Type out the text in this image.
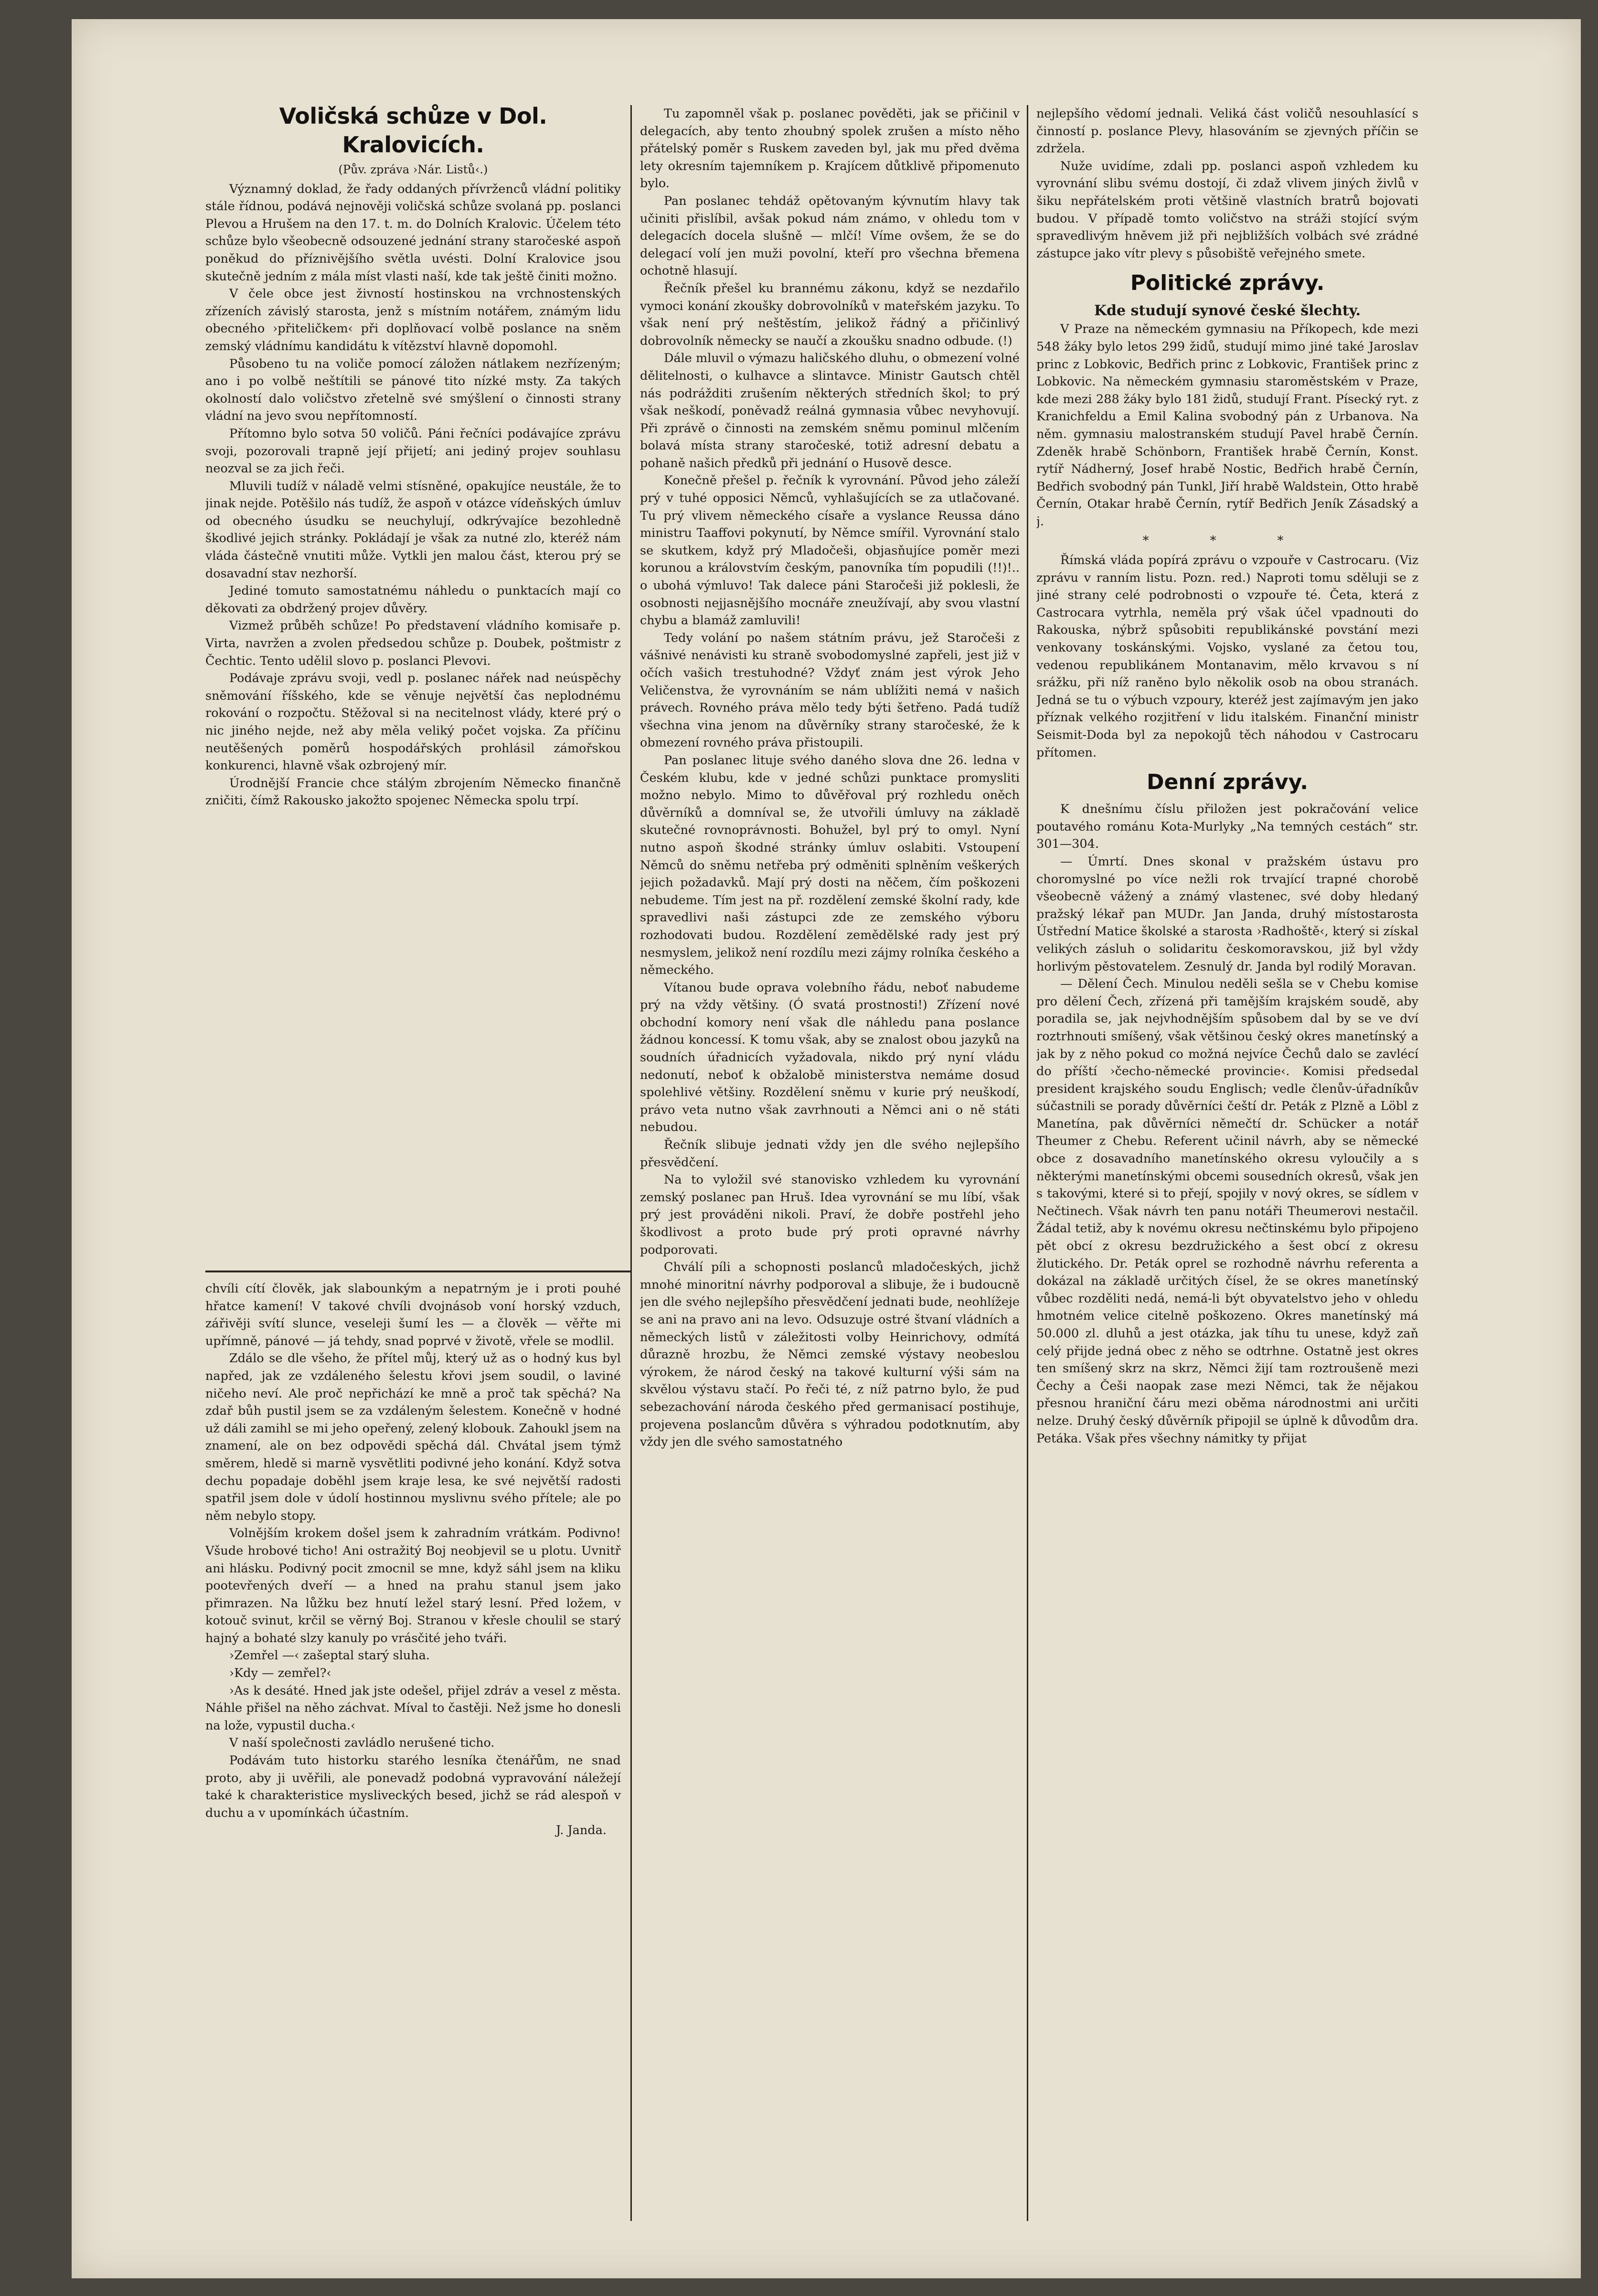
Voličská schůze v Dol. Kralovicích.
(Pův. zpráva ›Nár. Listů‹.)

Významný doklad, že řady oddaných přívrženců vládní politiky stále řídnou, podává nejnověji voličská schůze svolaná pp. poslanci Plevou a Hrušem na den 17. t. m. do Dolních Kralovic. Účelem této schůze bylo všeobecně odsouzené jednání strany staročeské aspoň poněkud do příznivějšího světla uvésti. Dolní Kralovice jsou skutečně jedním z mála míst vlasti naší, kde tak ještě činiti možno.

V čele obce jest živností hostinskou na vrchnostenských zřízeních závislý starosta, jenž s místním notářem, známým lidu obecného ›přiteličkem‹ při doplňovací volbě poslance na sněm zemský vládnímu kandidátu k vítězství hlavně dopomohl.

Působeno tu na voliče pomocí záložen nátlakem nezřízeným; ano i po volbě neštítili se pánové tito nízké msty. Za takých okolností dalo voličstvo zřetelně své smýšlení o činnosti strany vládní na jevo svou nepřítomností.

Přítomno bylo sotva 50 voličů. Páni řečníci podávajíce zprávu svoji, pozorovali trapně její přijetí; ani jediný projev souhlasu neozval se za jich řeči.

Mluvili tudíž v náladě velmi stísněné, opakujíce neustále, že to jinak nejde. Potěšilo nás tudíž, že aspoň v otázce vídeňských úmluv od obecného úsudku se neuchylují, odkrývajíce bezohledně škodlivé jejich stránky. Pokládají je však za nutné zlo, kteréž nám vláda částečně vnutiti může. Vytkli jen malou část, kterou prý se dosavadní stav nezhorší.

Jediné tomuto samostatnému náhledu o punktacích mají co děkovati za obdržený projev důvěry.

Vizmež průběh schůze! Po představení vládního komisaře p. Virta, navržen a zvolen předsedou schůze p. Doubek, poštmistr z Čechtic. Tento udělil slovo p. poslanci Plevovi.

Podávaje zprávu svoji, vedl p. poslanec nářek nad neúspěchy sněmování říšského, kde se věnuje největší čas neplodnému rokování o rozpočtu. Stěžoval si na necitelnost vlády, které prý o nic jiného nejde, než aby měla veliký počet vojska. Za příčinu neutěšených poměrů hospodářských prohlásil zámořskou konkurenci, hlavně však ozbrojený mír.

Úrodnější Francie chce stálým zbrojením Německo finančně zničiti, čímž Rakousko jakožto spojenec Německa spolu trpí.

chvíli cítí člověk, jak slabounkým a nepatrným je i proti pouhé hřatce kamení! V takové chvíli dvojnásob voní horský vzduch, zářivěji svítí slunce, veseleji šumí les — a člověk — věřte mi upřímně, pánové — já tehdy, snad poprvé v životě, vřele se modlil.

Zdálo se dle všeho, že přítel můj, který už as o hodný kus byl napřed, jak ze vzdáleného šelestu křovi jsem soudil, o laviné ničeho neví. Ale proč nepřichází ke mně a proč tak spěchá? Na zdař bůh pustil jsem se za vzdáleným šelestem. Konečně v hodné už dáli zamihl se mi jeho opeřený, zelený klobouk. Zahoukl jsem na znamení, ale on bez odpovědi spěchá dál. Chvátal jsem týmž směrem, hledě si marně vysvětliti podivné jeho konání. Když sotva dechu popadaje doběhl jsem kraje lesa, ke své největší radosti spatřil jsem dole v údolí hostinnou myslivnu svého přítele; ale po něm nebylo stopy.

Volnějším krokem došel jsem k zahradním vrátkám. Podivno! Všude hrobové ticho! Ani ostražitý Boj neobjevil se u plotu. Uvnitř ani hlásku. Podivný pocit zmocnil se mne, když sáhl jsem na kliku pootevřených dveří — a hned na prahu stanul jsem jako přimrazen. Na lůžku bez hnutí ležel starý lesní. Před ložem, v kotouč svinut, krčil se věrný Boj. Stranou v křesle choulil se starý hajný a bohaté slzy kanuly po vrásčité jeho tváři.

›Zemřel —‹ zašeptal starý sluha.

›Kdy — zemřel?‹

›As k desáté. Hned jak jste odešel, přijel zdráv a vesel z města. Náhle přišel na něho záchvat. Míval to častěji. Než jsme ho donesli na lože, vypustil ducha.‹

V naší společnosti zavládlo nerušené ticho.

Podávám tuto historku starého lesníka čtenářům, ne snad proto, aby ji uvěřili, ale ponevadž podobná vypravování náležejí také k charakteristice mysliveckých besed, jichž se rád alespoň v duchu a v upomínkách účastním.

J. Janda.

Tu zapomněl však p. poslanec pověděti, jak se přičinil v delegacích, aby tento zhoubný spolek zrušen a místo něho přátelský poměr s Ruskem zaveden byl, jak mu před dvěma lety okresním tajemníkem p. Krajícem důtklivě připomenuto bylo.

Pan poslanec tehdáž opětovaným kývnutím hlavy tak učiniti přislíbil, avšak pokud nám známo, v ohledu tom v delegacích docela slušně — mlčí! Víme ovšem, že se do delegací volí jen muži povolní, kteří pro všechna břemena ochotně hlasují.

Řečník přešel ku brannému zákonu, když se nezdařilo vymoci konání zkoušky dobrovolníků v mateřském jazyku. To však není prý neštěstím, jelikož řádný a přičinlivý dobrovolník německy se naučí a zkoušku snadno odbude. (!)

Dále mluvil o výmazu haličského dluhu, o obmezení volné dělitelnosti, o kulhavce a slintavce. Ministr Gautsch chtěl nás podrážditi zrušením některých středních škol; to prý však neškodí, poněvadž reálná gymnasia vůbec nevyhovují. Při zprávě o činnosti na zemském sněmu pominul mlčením bolavá místa strany staročeské, totiž adresní debatu a pohaně našich předků při jednání o Husově desce.

Konečně přešel p. řečník k vyrovnání. Původ jeho záleží prý v tuhé opposici Němců, vyhlašujících se za utlačované. Tu prý vlivem německého císaře a vyslance Reussa dáno ministru Taaffovi pokynutí, by Němce smířil. Vyrovnání stalo se skutkem, když prý Mladočeši, objasňujíce poměr mezi korunou a královstvím českým, panovníka tím popudili (!!)!.. o ubohá výmluvo! Tak dalece páni Staročeši již poklesli, že osobnosti nejjasnějšího mocnáře zneužívají, aby svou vlastní chybu a blamáž zamluvili!

Tedy volání po našem státním právu, jež Staročeši z vášnivé nenávisti ku straně svobodomyslné zapřeli, jest již v očích vašich trestuhodné? Vždyť znám jest výrok Jeho Veličenstva, že vyrovnáním se nám ublížiti nemá v našich právech. Rovného práva mělo tedy býti šetřeno. Padá tudíž všechna vina jenom na důvěrníky strany staročeské, že k obmezení rovného práva přistoupili.

Pan poslanec lituje svého daného slova dne 26. ledna v Českém klubu, kde v jedné schůzi punktace promysliti možno nebylo. Mimo to důvěřoval prý rozhledu oněch důvěrníků a domníval se, že utvořili úmluvy na základě skutečné rovnoprávnosti. Bohužel, byl prý to omyl. Nyní nutno aspoň škodné stránky úmluv oslabiti. Vstoupení Němců do sněmu netřeba prý odměniti splněním veškerých jejich požadavků. Mají prý dosti na něčem, čím poškozeni nebudeme. Tím jest na př. rozdělení zemské školní rady, kde spravedlivi naši zástupci zde ze zemského výboru rozhodovati budou. Rozdělení zemědělské rady jest prý nesmyslem, jelikož není rozdílu mezi zájmy rolníka českého a německého.

Vítanou bude oprava volebního řádu, neboť nabudeme prý na vždy většiny. (Ó svatá prostnosti!) Zřízení nové obchodní komory není však dle náhledu pana poslance žádnou koncessí. K tomu však, aby se znalost obou jazyků na soudních úřadnicích vyžadovala, nikdo prý nyní vládu nedonutí, neboť k obžalobě ministerstva nemáme dosud spolehlivé většiny. Rozdělení sněmu v kurie prý neuškodí, právo veta nutno však zavrhnouti a Němci ani o ně státi nebudou.

Řečník slibuje jednati vždy jen dle svého nejlepšího přesvědčení.

Na to vyložil své stanovisko vzhledem ku vyrovnání zemský poslanec pan Hruš. Idea vyrovnání se mu líbí, však prý jest prováděni nikoli. Praví, že dobře postřehl jeho škodlivost a proto bude prý proti opravné návrhy podporovati.

Chválí píli a schopnosti poslanců mladočeských, jichž mnohé minoritní návrhy podporoval a slibuje, že i budoucně jen dle svého nejlepšího přesvědčení jednati bude, neohlížeje se ani na pravo ani na levo. Odsuzuje ostré štvaní vládních a německých listů v záležitosti volby Heinrichovy, odmítá důrazně hrozbu, že Němci zemské výstavy neobeslou výrokem, že národ český na takové kulturní výši sám na skvělou výstavu stačí. Po řeči té, z níž patrno bylo, že pud sebezachování národa českého před germanisací postihuje, projevena poslancům důvěra s výhradou podotknutím, aby vždy jen dle svého samostatného

nejlepšího vědomí jednali. Veliká část voličů nesouhlasící s činností p. poslance Plevy, hlasováním se zjevných příčin se zdržela.

Nuže uvidíme, zdali pp. poslanci aspoň vzhledem ku vyrovnání slibu svému dostojí, či zdaž vlivem jiných živlů v šiku nepřátelském proti většině vlastních bratrů bojovati budou. V případě tomto voličstvo na stráži stojící svým spravedlivým hněvem již při nejbližších volbách své zrádné zástupce jako vítr plevy s působiště veřejného smete.

Politické zprávy.
Kde studují synové české šlechty.

V Praze na německém gymnasiu na Příkopech, kde mezi 548 žáky bylo letos 299 židů, studují mimo jiné také Jaroslav princ z Lobkovic, Bedřich princ z Lobkovic, František princ z Lobkovic. Na německém gymnasiu staroměstském v Praze, kde mezi 288 žáky bylo 181 židů, studují Frant. Písecký ryt. z Kranichfeldu a Emil Kalina svobodný pán z Urbanova. Na něm. gymnasiu malostranském studují Pavel hrabě Černín. Zdeněk hrabě Schönborn, František hrabě Černín, Konst. rytíř Nádherný, Josef hrabě Nostic, Bedřich hrabě Černín, Bedřich svobodný pán Tunkl, Jiří hrabě Waldstein, Otto hrabě Černín, Otakar hrabě Černín, rytíř Bedřich Jeník Zásadský a j.

* * *

Římská vláda popírá zprávu o vzpouře v Castrocaru. (Viz zprávu v ranním listu. Pozn. red.) Naproti tomu sděluji se z jiné strany celé podrobnosti o vzpouře té. Četa, která z Castrocara vytrhla, neměla prý však účel vpadnouti do Rakouska, nýbrž spůsobiti republikánské povstání mezi venkovany toskánskými. Vojsko, vyslané za četou tou, vedenou republikánem Montanavim, mělo krvavou s ní srážku, při níž raněno bylo několik osob na obou stranách. Jedná se tu o výbuch vzpoury, kteréž jest zajímavým jen jako příznak velkého rozjitření v lidu italském. Finanční ministr Seismit-Doda byl za nepokojů těch náhodou v Castrocaru přítomen.

Denní zprávy.

K dnešnímu číslu přiložen jest pokračování velice poutavého románu Kota-Murlyky „Na temných cestách“ str. 301—304.

— Úmrtí. Dnes skonal v pražském ústavu pro choromyslné po více nežli rok trvající trapné chorobě všeobecně vážený a známý vlastenec, své doby hledaný pražský lékař pan MUDr. Jan Janda, druhý místostarosta Ústřední Matice školské a starosta ›Radhoště‹, který si získal velikých zásluh o solidaritu českomoravskou, již byl vždy horlivým pěstovatelem. Zesnulý dr. Janda byl rodilý Moravan.

— Dělení Čech. Minulou neděli sešla se v Chebu komise pro dělení Čech, zřízená při tamějším krajském soudě, aby poradila se, jak nejvhodnějším spůsobem dal by se ve dví roztrhnouti smíšený, však většinou český okres manetínský a jak by z něho pokud co možná nejvíce Čechů dalo se zavlécí do příští ›čecho-německé provincie‹. Komisi předsedal president krajského soudu Englisch; vedle členův-úřadníkův súčastnili se porady důvěrníci čeští dr. Peták z Plzně a Löbl z Manetína, pak důvěrníci němečtí dr. Schücker a notář Theumer z Chebu. Referent učinil návrh, aby se německé obce z dosavadního manetínského okresu vyloučily a s některými manetínskými obcemi sousedních okresů, však jen s takovými, které si to přejí, spojily v nový okres, se sídlem v Nečtinech. Však návrh ten panu notáři Theumerovi nestačil. Žádal tetiž, aby k novému okresu nečtinskému bylo připojeno pět obcí z okresu bezdružického a šest obcí z okresu žlutického. Dr. Peták oprel se rozhodně návrhu referenta a dokázal na základě určitých čísel, že se okres manetínský vůbec rozděliti nedá, nemá-li být obyvatelstvo jeho v ohledu hmotném velice citelně poškozeno. Okres manetínský má 50.000 zl. dluhů a jest otázka, jak tíhu tu unese, když zaň celý přijde jedná obec z něho se odtrhne. Ostatně jest okres ten smíšený skrz na skrz, Němci žijí tam roztroušeně mezi Čechy a Češi naopak zase mezi Němci, tak že nějakou přesnou hraniční čáru mezi oběma národnostmi ani určiti nelze. Druhý český důvěrník připojil se úplně k důvodům dra. Petáka. Však přes všechny námitky ty přijat
